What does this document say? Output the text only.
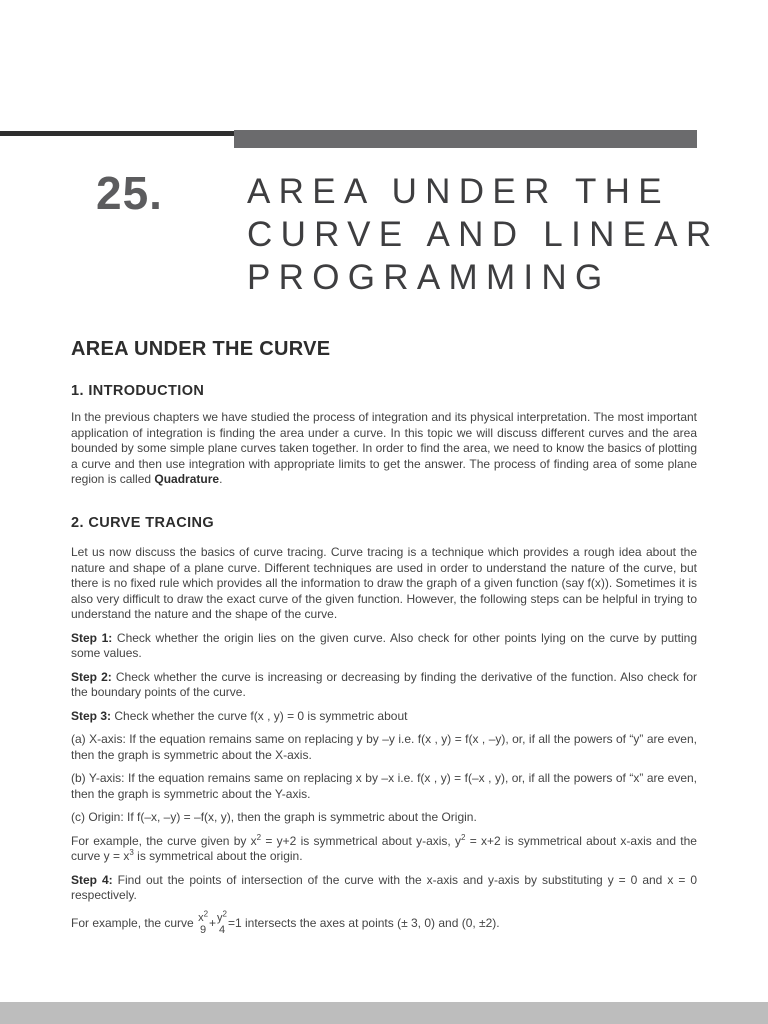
25. AREA UNDER THE
CURVE AND LINEAR
PROGRAMMING
AREA UNDER THE CURVE
1. INTRODUCTION

In the previous chapters we have studied the process of integration and its physical interpretation. The most important application of integration is finding the area under a curve. In this topic we will discuss different curves and the area bounded by some simple plane curves taken together. In order to find the area, we need to know the basics of plotting a curve and then use integration with appropriate limits to get the answer. The process of finding area of some plane region is called Quadrature.

2. CURVE TRACING

Let us now discuss the basics of curve tracing. Curve tracing is a technique which provides a rough idea about the nature and shape of a plane curve. Different techniques are used in order to understand the nature of the curve, but there is no fixed rule which provides all the information to draw the graph of a given function (say f(x)). Sometimes it is also very difficult to draw the exact curve of the given function. However, the following steps can be helpful in trying to understand the nature and the shape of the curve.

Step 1: Check whether the origin lies on the given curve. Also check for other points lying on the curve by putting some values.

Step 2: Check whether the curve is increasing or decreasing by finding the derivative of the function. Also check for the boundary points of the curve.

Step 3: Check whether the curve f(x , y) = 0 is symmetric about

(a) X-axis: If the equation remains same on replacing y by –y i.e. f(x , y) = f(x , –y), or, if all the powers of “y” are even, then the graph is symmetric about the X-axis.

(b) Y-axis: If the equation remains same on replacing x by –x i.e. f(x , y) = f(–x , y), or, if all the powers of “x” are even, then the graph is symmetric about the Y-axis.

(c) Origin: If f(–x, –y) = –f(x, y), then the graph is symmetric about the Origin.

For example, the curve given by $x^2 = y+2$ is symmetrical about y-axis, $y^2 = x+2$ is symmetrical about x-axis and the curve $y = x^3$ is symmetrical about the origin.

Step 4: Find out the points of intersection of the curve with the x-axis and y-axis by substituting y = 0 and x = 0 respectively.

For example, the curve $x^2$
$9 + y^2$
4 =1 intersects the axes at points (± 3, 0) and (0, ±2).
